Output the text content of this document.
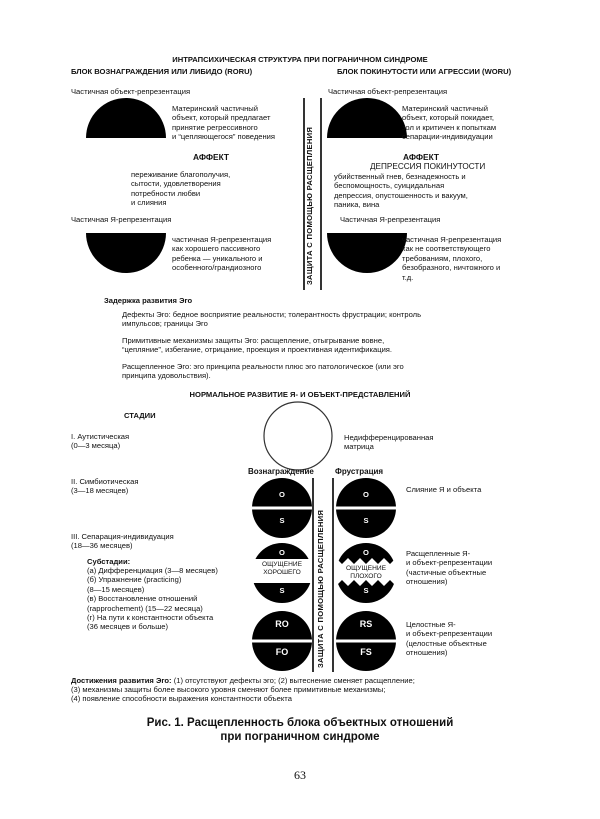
ИНТРАПСИХИЧЕСКАЯ СТРУКТУРА ПРИ ПОГРАНИЧНОМ СИНДРОМЕ
БЛОК ВОЗНАГРАЖДЕНИЯ ИЛИ ЛИБИДО (RORU)	БЛОК ПОКИНУТОСТИ ИЛИ АГРЕССИИ (WORU)
ЗАЩИТА С ПОМОЩЬЮ РАСЩЕПЛЕНИЯ
ЗАЩИТА С ПОМОЩЬЮ РАСЩЕПЛЕНИЯ
Частичная объект-репрезентация
Материнский частичный
объект, который предлагает
принятие регрессивного
и “цепляющегося” поведения
АФФЕКТ
переживание благополучия,
сытости, удовлетворения
потребности любви
и слияния
Частичная Я-репрезентация
частичная Я-репрезентация
как хорошего пассивного
ребенка — уникального и
особенного/грандиозного
Частичная объект-репрезентация
Материнский частичный
объект, который покидает,
зол и критичен к попыткам
сепарации-индивидуации
АФФЕКТ
ДЕПРЕССИЯ ПОКИНУТОСТИ
убийственный гнев, безнадежность и
беспомощность, суицидальная
депрессия, опустошенность и вакуум,
паника, вина
Частичная Я-репрезентация
частичная Я-репрезентация
как не соответствующего
требованиям, плохого,
безобразного, ничтожного и
т.д.
Задержка развития Эго
Дефекты Эго: бедное восприятие реальности; толерантность фрустрации; контроль
импульсов; границы Эго
Примитивные механизмы защиты Эго: расщепление, отыгрывание вовне,
“цепляние”, избегание, отрицание, проекция и проективная идентификация.
Расщепленное Эго: эго принципа реальности плюс эго патологическое (или эго
принципа удовольствия).
НОРМАЛЬНОЕ РАЗВИТИЕ Я- И ОБЪЕКТ-ПРЕДСТАВЛЕНИЙ
СТАДИИ
I. Аутистическая
(0—3 месяца)
II. Симбиотическая
(3—18 месяцев)
III. Сепарация-индивидуация
(18—36 месяцев)
Субстадии:
(а) Дифференциация (3—8 месяцев)
(б) Упражнение (practicing)
(8—15 месяцев)
(в) Восстановление отношений
(rapprochement) (15—22 месяца)
(г) На пути к константности объекта
(36 месяцев и больше)
Вознаграждение	Фрустрация
Недифференцированная
матрица
Слияние Я и объекта
Расщепленные Я-
и объект-репрезентации
(частичные объектные
отношения)
Целостные Я-
и объект-репрезентации
(целостные объектные
отношения)
O
S
O
S
O
ОЩУЩЕНИЕ
ХОРОШЕГО
S
O
ОЩУЩЕНИЕ
ПЛОХОГО
S
RO
FO
RS
FS
Достижения развития Эго: (1) отсутствуют дефекты эго; (2) вытеснение сменяет расщепление;
(3) механизмы защиты более высокого уровня сменяют более примитивные механизмы;
(4) появление способности выражения константности объекта
Рис. 1. Расщепленность блока объектных отношений
при пограничном синдроме
63
